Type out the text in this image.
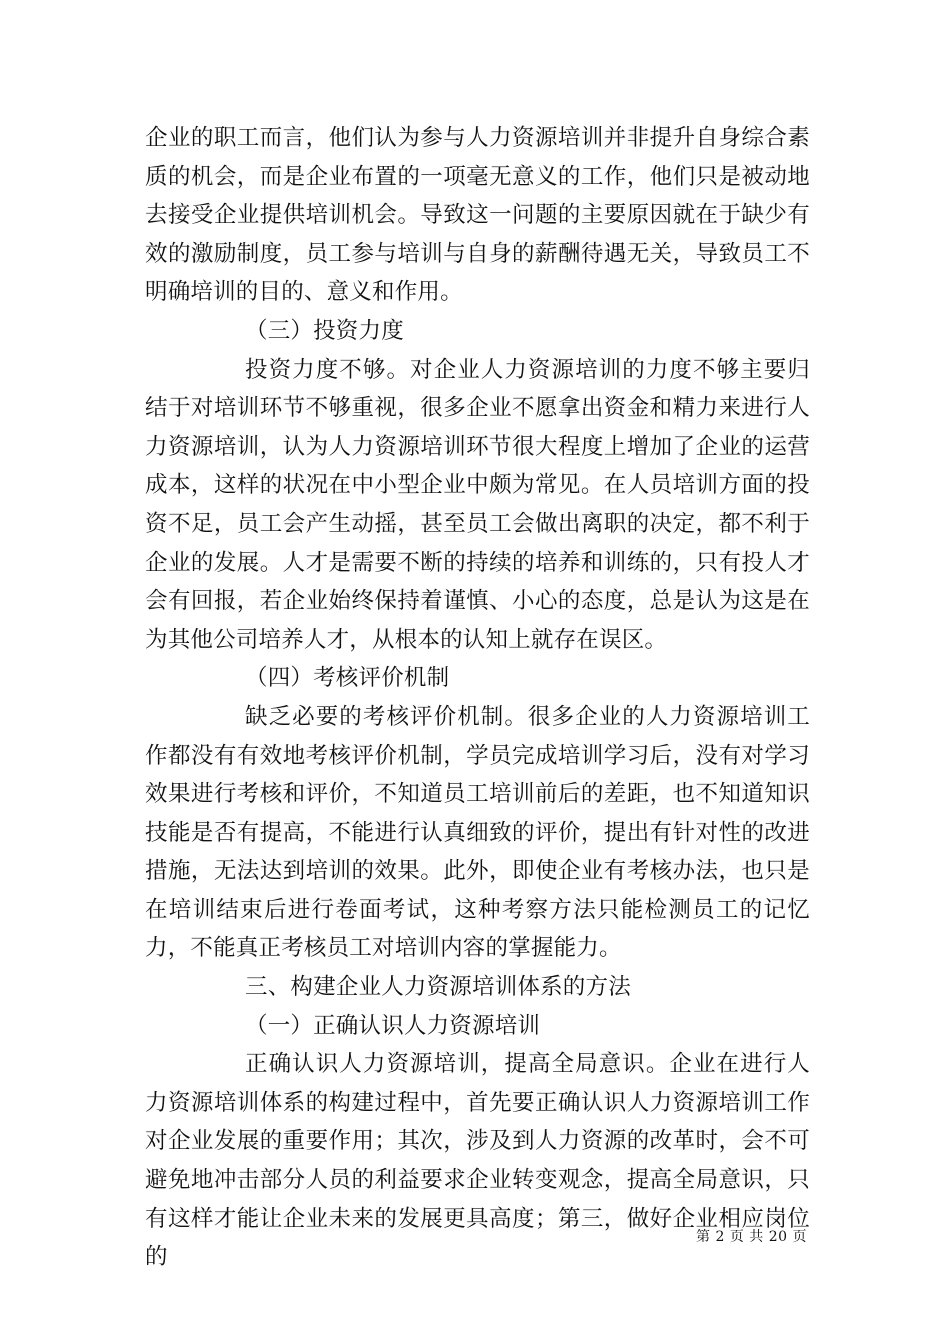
企业的职工而言，他们认为参与人力资源培训并非提升自身综合素质的机会，而是企业布置的一项毫无意义的工作，他们只是被动地去接受企业提供培训机会。导致这一问题的主要原因就在于缺少有效的激励制度，员工参与培训与自身的薪酬待遇无关，导致员工不明确培训的目的、意义和作用。

（三）投资力度

投资力度不够。对企业人力资源培训的力度不够主要归结于对培训环节不够重视，很多企业不愿拿出资金和精力来进行人力资源培训，认为人力资源培训环节很大程度上增加了企业的运营成本，这样的状况在中小型企业中颇为常见。在人员培训方面的投资不足，员工会产生动摇，甚至员工会做出离职的决定，都不利于企业的发展。人才是需要不断的持续的培养和训练的，只有投人才会有回报，若企业始终保持着谨慎、小心的态度，总是认为这是在为其他公司培养人才，从根本的认知上就存在误区。

（四）考核评价机制

缺乏必要的考核评价机制。很多企业的人力资源培训工作都没有有效地考核评价机制，学员完成培训学习后，没有对学习效果进行考核和评价，不知道员工培训前后的差距，也不知道知识技能是否有提高，不能进行认真细致的评价，提出有针对性的改进措施，无法达到培训的效果。此外，即使企业有考核办法，也只是在培训结束后进行卷面考试，这种考察方法只能检测员工的记忆力，不能真正考核员工对培训内容的掌握能力。

三、构建企业人力资源培训体系的方法

（一）正确认识人力资源培训

正确认识人力资源培训，提高全局意识。企业在进行人力资源培训体系的构建过程中，首先要正确认识人力资源培训工作对企业发展的重要作用；其次，涉及到人力资源的改革时，会不可避免地冲击部分人员的利益要求企业转变观念，提高全局意识，只有这样才能让企业未来的发展更具高度；第三，做好企业相应岗位的

第 2 页 共 20 页
